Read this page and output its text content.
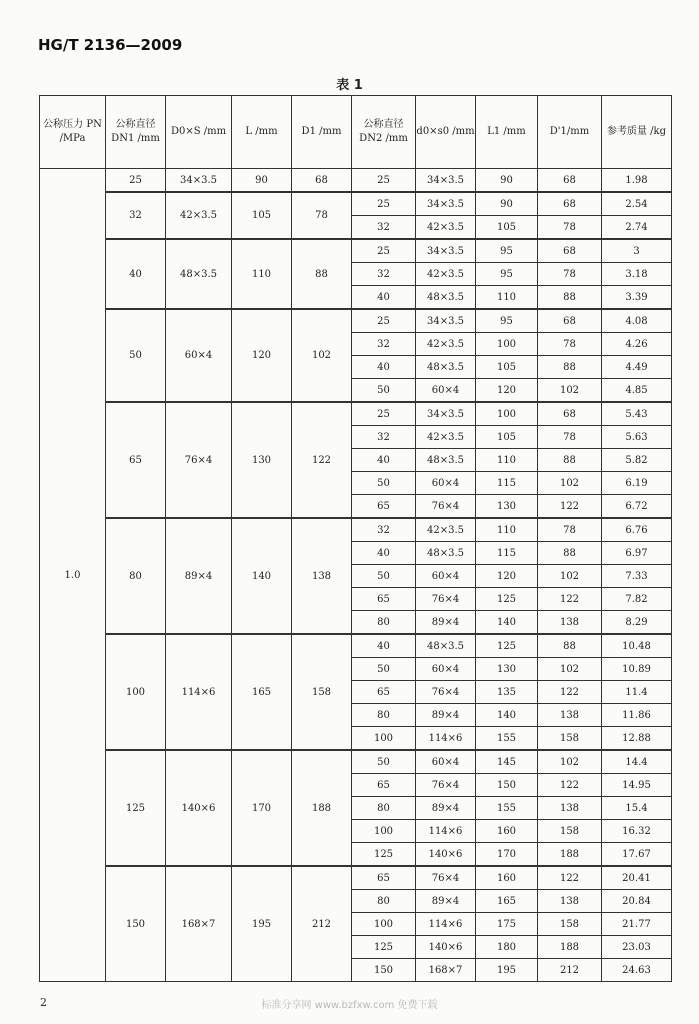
HG/T 2136—2009
表 1
公称压力 PN /MPa	公称直径 DN1 /mm	D0×S /mm	L /mm	D1 /mm	公称直径 DN2 /mm	d0×s0 /mm	L1 /mm	D'1/mm	参考质量 /kg
1.0	25	34×3.5	90	68	25	34×3.5	90	68	1.98
	32	42×3.5	105	78	25	34×3.5	90	68	2.54
					32	42×3.5	105	78	2.74
	40	48×3.5	110	88	25	34×3.5	95	68	3
					32	42×3.5	95	78	3.18
					40	48×3.5	110	88	3.39
	50	60×4	120	102	25	34×3.5	95	68	4.08
					32	42×3.5	100	78	4.26
					40	48×3.5	105	88	4.49
					50	60×4	120	102	4.85
	65	76×4	130	122	25	34×3.5	100	68	5.43
					32	42×3.5	105	78	5.63
					40	48×3.5	110	88	5.82
					50	60×4	115	102	6.19
					65	76×4	130	122	6.72
	80	89×4	140	138	32	42×3.5	110	78	6.76
					40	48×3.5	115	88	6.97
					50	60×4	120	102	7.33
					65	76×4	125	122	7.82
					80	89×4	140	138	8.29
	100	114×6	165	158	40	48×3.5	125	88	10.48
					50	60×4	130	102	10.89
					65	76×4	135	122	11.4
					80	89×4	140	138	11.86
					100	114×6	155	158	12.88
	125	140×6	170	188	50	60×4	145	102	14.4
					65	76×4	150	122	14.95
					80	89×4	155	138	15.4
					100	114×6	160	158	16.32
					125	140×6	170	188	17.67
	150	168×7	195	212	65	76×4	160	122	20.41
					80	89×4	165	138	20.84
					100	114×6	175	158	21.77
					125	140×6	180	188	23.03
					150	168×7	195	212	24.63
2	标准分享网 www.bzfxw.com 免费下载
